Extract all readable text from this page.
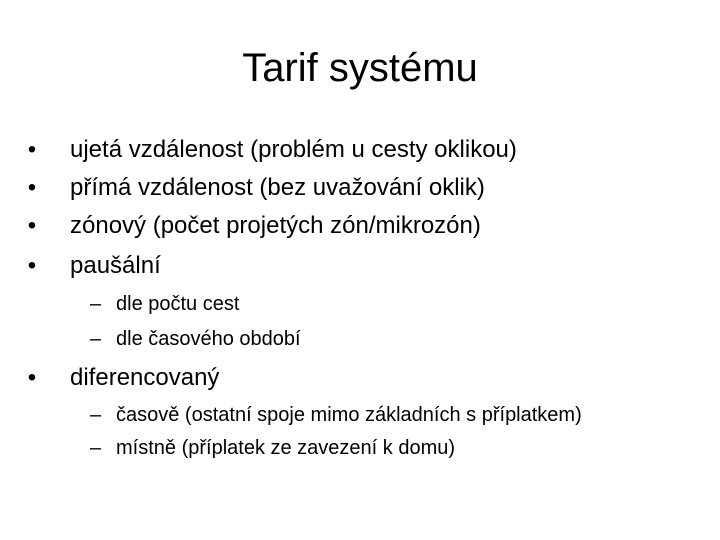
Tarif systému
• ujetá vzdálenost (problém u cesty oklikou)
• přímá vzdálenost (bez uvažování oklik)
• zónový (počet projetých zón/mikrozón)
• paušální
– dle počtu cest
– dle časového období
• diferencovaný
– časově (ostatní spoje mimo základních s příplatkem)
– místně (příplatek ze zavezení k domu)
